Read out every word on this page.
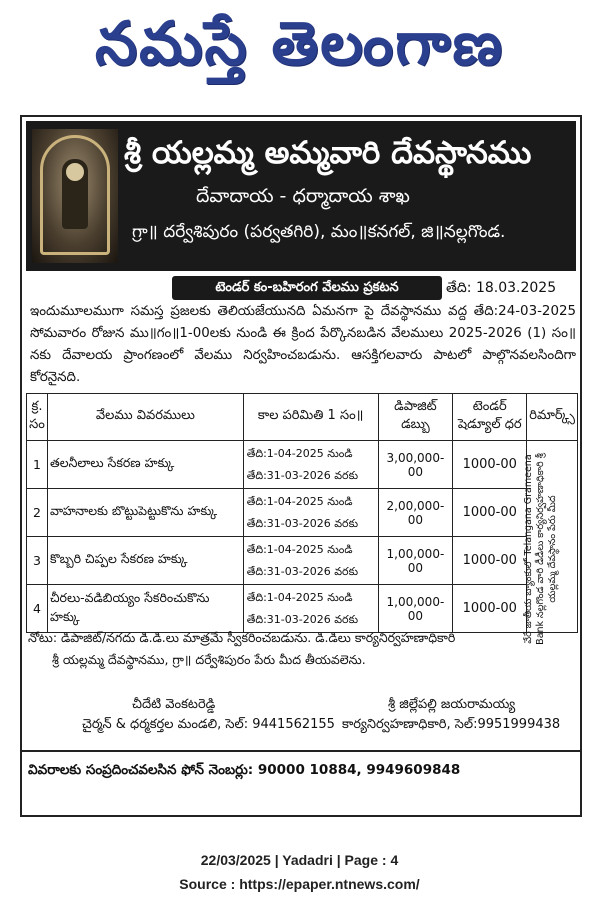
నమస్తే తెలంగాణ
శ్రీ యల్లమ్మ అమ్మవారి దేవస్థానము
దేవాదాయ - ధర్మాదాయ శాఖ
గ్రా॥ దర్వేశిపురం (పర్వతగిరి), మం॥కనగల్, జి॥నల్లగొండ.
టెండర్ కం-బహిరంగ వేలము ప్రకటన	తేది: 18.03.2025
ఇందుమూలముగా సమస్త ప్రజలకు తెలియజేయునది ఏమనగా పై దేవస్థానము వద్ద తేది:24-03-2025 సోమవారం రోజున ము॥గం॥1-00లకు నుండి ఈ క్రింద పేర్కొనబడిన వేలములు 2025-2026 (1) సం॥నకు దేవాలయ ప్రాంగణంలో వేలము నిర్వహించబడును. ఆసక్తిగలవారు పాటలో పాల్గొనవలసిందిగా కోరనైనది.
క్ర. సం	వేలము వివరములు	కాల పరిమితి 1 సం॥	డిపాజిట్ డబ్బు	టెండర్ షెడ్యూల్ ధర	రిమార్క్స్
1	తలనీలాలు సేకరణ హక్కు	తేది:1-04-2025 నుండి
తేది:31-03-2026 వరకు	3,00,000-00	1000-00	వేరే జాతీయ బ్యాంకులో Telangana Grameena Bank నల్లగొండ వారి డీడీలు కార్యనిర్వహణాధికారి శ్రీ యల్లమ్మ దేవస్థానం పేరు మీద

2	వాహనాలకు బొట్టుపెట్టుకొను హక్కు	తేది:1-04-2025 నుండి
తేది:31-03-2026 వరకు	2,00,000-00	1000-00	
3	కొబ్బరి చిప్పల సేకరణ హక్కు	తేది:1-04-2025 నుండి
తేది:31-03-2026 వరకు	1,00,000-00	1000-00	
4	చీరలు-వడిబియ్యం సేకరించుకొను హక్కు	తేది:1-04-2025 నుండి
తేది:31-03-2026 వరకు	1,00,000-00	1000-00	
నోటు: డిపాజిట్/నగదు డి.డి.లు మాత్రమే స్వీకరించబడును. డి.డిలు కార్యనిర్వహణాధికారి
శ్రీ యల్లమ్మ దేవస్థానము, గ్రా॥ దర్వేశిపురం పేరు మీద తీయవలెను.
చీదేటి వెంకటరెడ్డి
చైర్మన్ & ధర్మకర్తల మండలి, సెల్: 9441562155
శ్రీ జిల్లేపల్లి జయరామయ్య
కార్యనిర్వహణాధికారి, సెల్:9951999438
వివరాలకు సంప్రదించవలసిన ఫోన్ నెంబర్లు: 90000 10884, 9949609848
22/03/2025 | Yadadri | Page : 4
Source : https://epaper.ntnews.com/
